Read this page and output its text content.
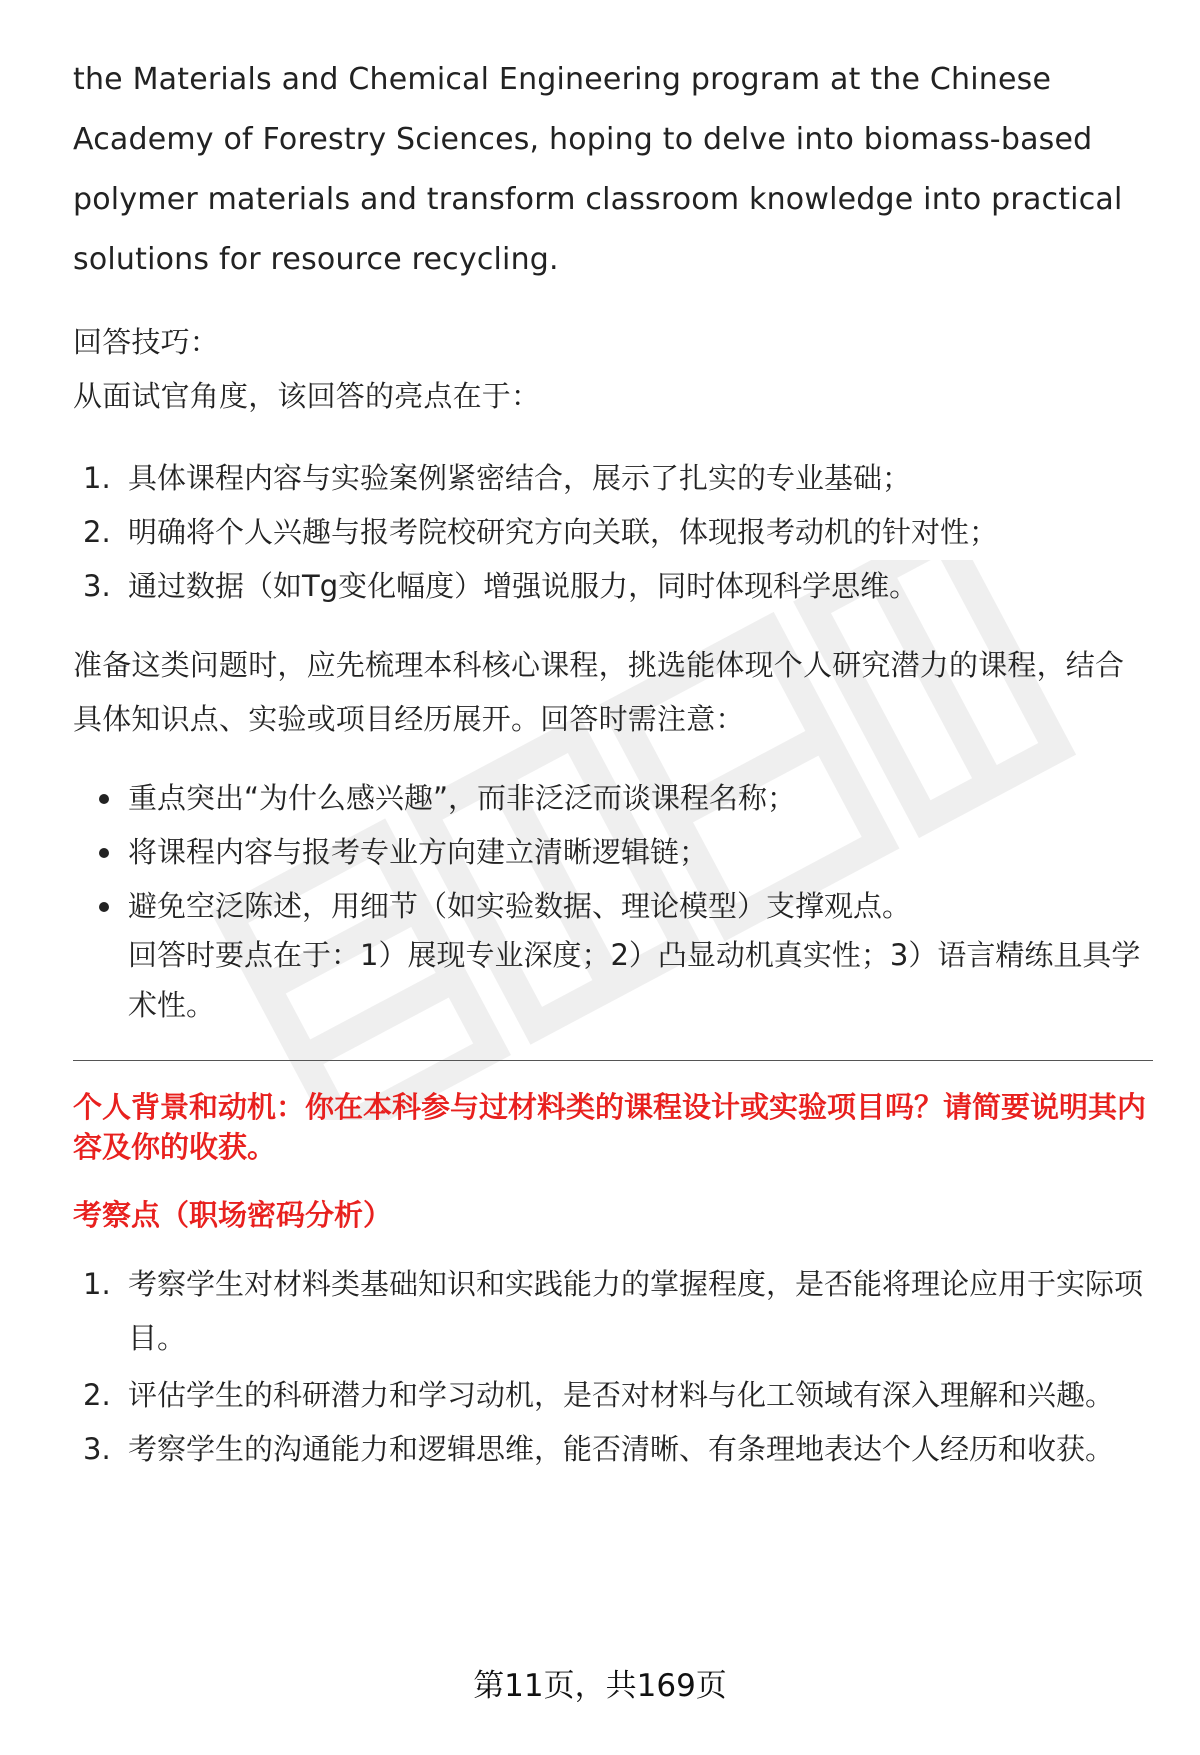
the Materials and Chemical Engineering program at the Chinese Academy of Forestry Sciences, hoping to delve into biomass-based polymer materials and transform classroom knowledge into practical solutions for resource recycling.

回答技巧：

从面试官角度，该回答的亮点在于：

1. 具体课程内容与实验案例紧密结合，展示了扎实的专业基础；
2. 明确将个人兴趣与报考院校研究方向关联，体现报考动机的针对性；
3. 通过数据（如Tg变化幅度）增强说服力，同时体现科学思维。

准备这类问题时，应先梳理本科核心课程，挑选能体现个人研究潜力的课程，结合具体知识点、实验或项目经历展开。回答时需注意：

重点突出“为什么感兴趣”，而非泛泛而谈课程名称；
将课程内容与报考专业方向建立清晰逻辑链；
避免空泛陈述，用细节（如实验数据、理论模型）支撑观点。
回答时要点在于：1）展现专业深度；2）凸显动机真实性；3）语言精练且具学术性。

个人背景和动机：你在本科参与过材料类的课程设计或实验项目吗？请简要说明其内容及你的收获。

考察点（职场密码分析）

1. 考察学生对材料类基础知识和实践能力的掌握程度，是否能将理论应用于实际项目。
2. 评估学生的科研潜力和学习动机，是否对材料与化工领域有深入理解和兴趣。
3. 考察学生的沟通能力和逻辑思维，能否清晰、有条理地表达个人经历和收获。
第11页，共169页
